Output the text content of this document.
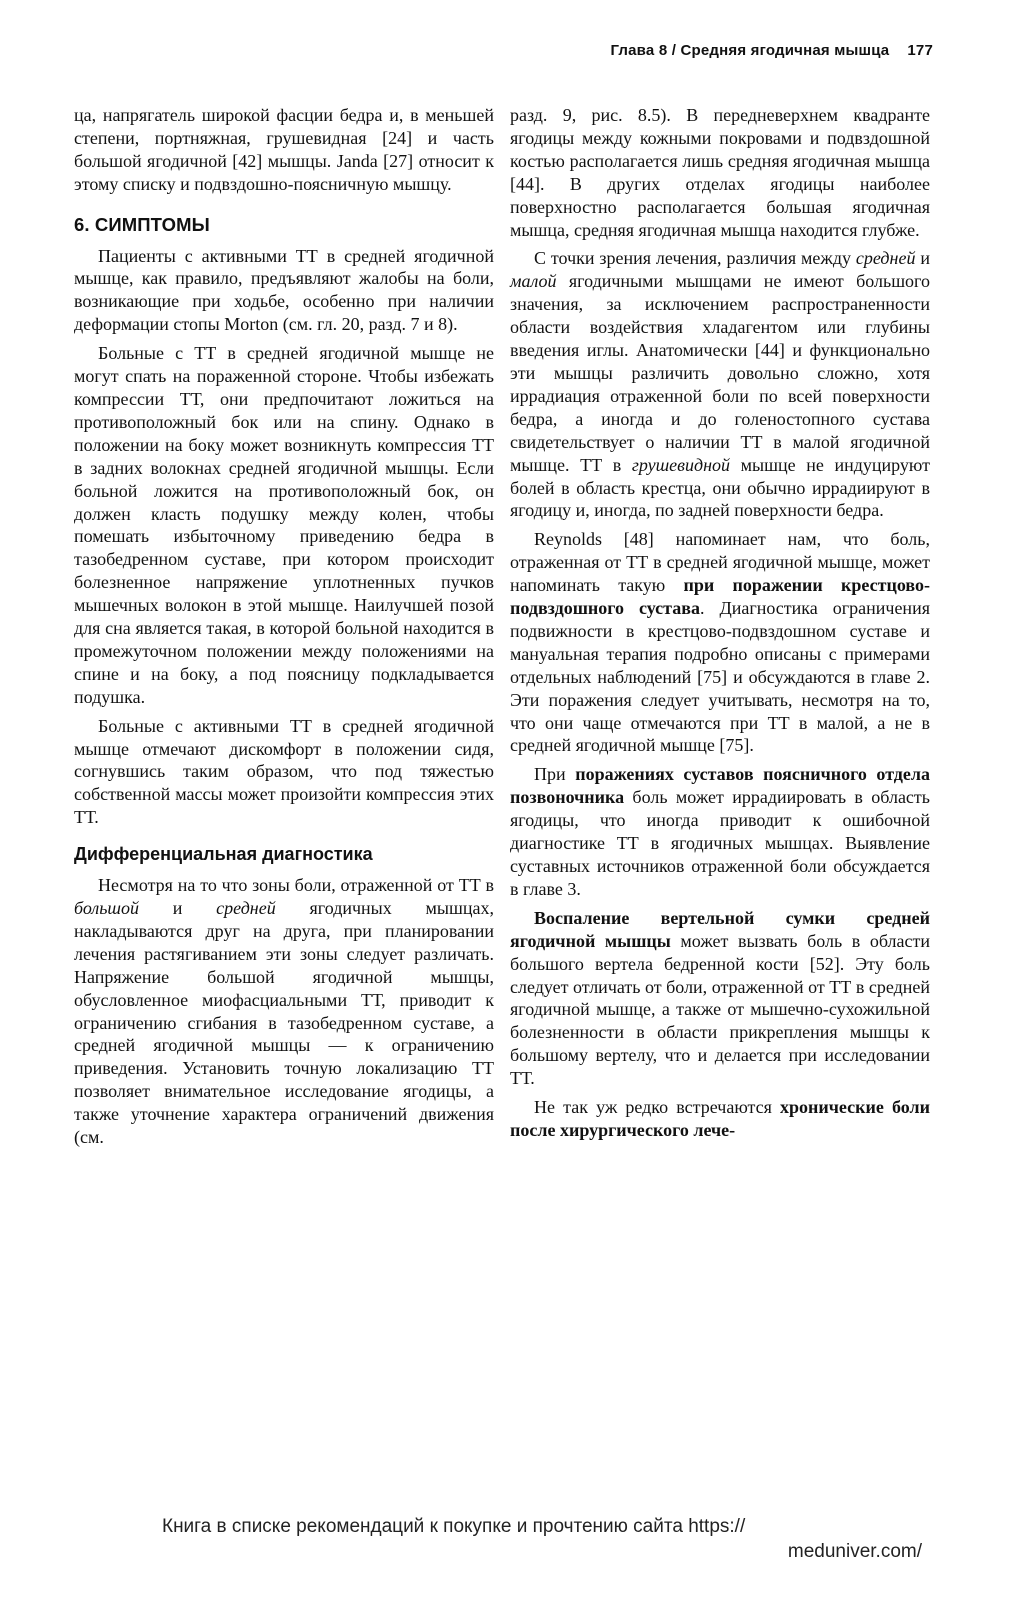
Глава 8 / Средняя ягодичная мышца 177

ца, напрягатель широкой фасции бедра и, в меньшей степени, портняжная, грушевидная [24] и часть большой ягодичной [42] мышцы. Janda [27] относит к этому списку и подвздошно-поясничную мышцу.

6. СИМПТОМЫ

Пациенты с активными ТТ в средней ягодичной мышце, как правило, предъявляют жалобы на боли, возникающие при ходьбе, особенно при наличии деформации стопы Morton (см. гл. 20, разд. 7 и 8).

Больные с ТТ в средней ягодичной мышце не могут спать на пораженной стороне. Чтобы избежать компрессии ТТ, они предпочитают ложиться на противоположный бок или на спину. Однако в положении на боку может возникнуть компрессия ТТ в задних волокнах средней ягодичной мышцы. Если больной ложится на противоположный бок, он должен класть подушку между колен, чтобы помешать избыточному приведению бедра в тазобедренном суставе, при котором происходит болезненное напряжение уплотненных пучков мышечных волокон в этой мышце. Наилучшей позой для сна является такая, в которой больной находится в промежуточном положении между положениями на спине и на боку, а под поясницу подкладывается подушка.

Больные с активными ТТ в средней ягодичной мышце отмечают дискомфорт в положении сидя, согнувшись таким образом, что под тяжестью собственной массы может произойти компрессия этих ТТ.

Дифференциальная диагностика

Несмотря на то что зоны боли, отраженной от ТТ в большой и средней ягодичных мышцах, накладываются друг на друга, при планировании лечения растягиванием эти зоны следует различать. Напряжение большой ягодичной мышцы, обусловленное миофасциальными ТТ, приводит к ограничению сгибания в тазобедренном суставе, а средней ягодичной мышцы — к ограничению приведения. Установить точную локализацию ТТ позволяет внимательное исследование ягодицы, а также уточнение характера ограничений движения (см.

разд. 9, рис. 8.5). В передневерхнем квадранте ягодицы между кожными покровами и подвздошной костью располагается лишь средняя ягодичная мышца [44]. В других отделах ягодицы наиболее поверхностно располагается большая ягодичная мышца, средняя ягодичная мышца находится глубже.

С точки зрения лечения, различия между средней и малой ягодичными мышцами не имеют большого значения, за исключением распространенности области воздействия хладагентом или глубины введения иглы. Анатомически [44] и функционально эти мышцы различить довольно сложно, хотя иррадиация отраженной боли по всей поверхности бедра, а иногда и до голеностопного сустава свидетельствует о наличии ТТ в малой ягодичной мышце. ТТ в грушевидной мышце не индуцируют болей в область крестца, они обычно иррадиируют в ягодицу и, иногда, по задней поверхности бедра.

Reynolds [48] напоминает нам, что боль, отраженная от ТТ в средней ягодичной мышце, может напоминать такую при поражении крестцово-подвздошного сустава. Диагностика ограничения подвижности в крестцово-подвздошном суставе и мануальная терапия подробно описаны с примерами отдельных наблюдений [75] и обсуждаются в главе 2. Эти поражения следует учитывать, несмотря на то, что они чаще отмечаются при ТТ в малой, а не в средней ягодичной мышце [75].

При поражениях суставов поясничного отдела позвоночника боль может иррадиировать в область ягодицы, что иногда приводит к ошибочной диагностике ТТ в ягодичных мышцах. Выявление суставных источников отраженной боли обсуждается в главе 3.

Воспаление вертельной сумки средней ягодичной мышцы может вызвать боль в области большого вертела бедренной кости [52]. Эту боль следует отличать от боли, отраженной от ТТ в средней ягодичной мышце, а также от мышечно-сухожильной болезненности в области прикрепления мышцы к большому вертелу, что и делается при исследовании ТТ.

Не так уж редко встречаются хронические боли после хирургического лече-

Книга в списке рекомендаций к покупке и прочтению сайта https://
meduniver.com/
